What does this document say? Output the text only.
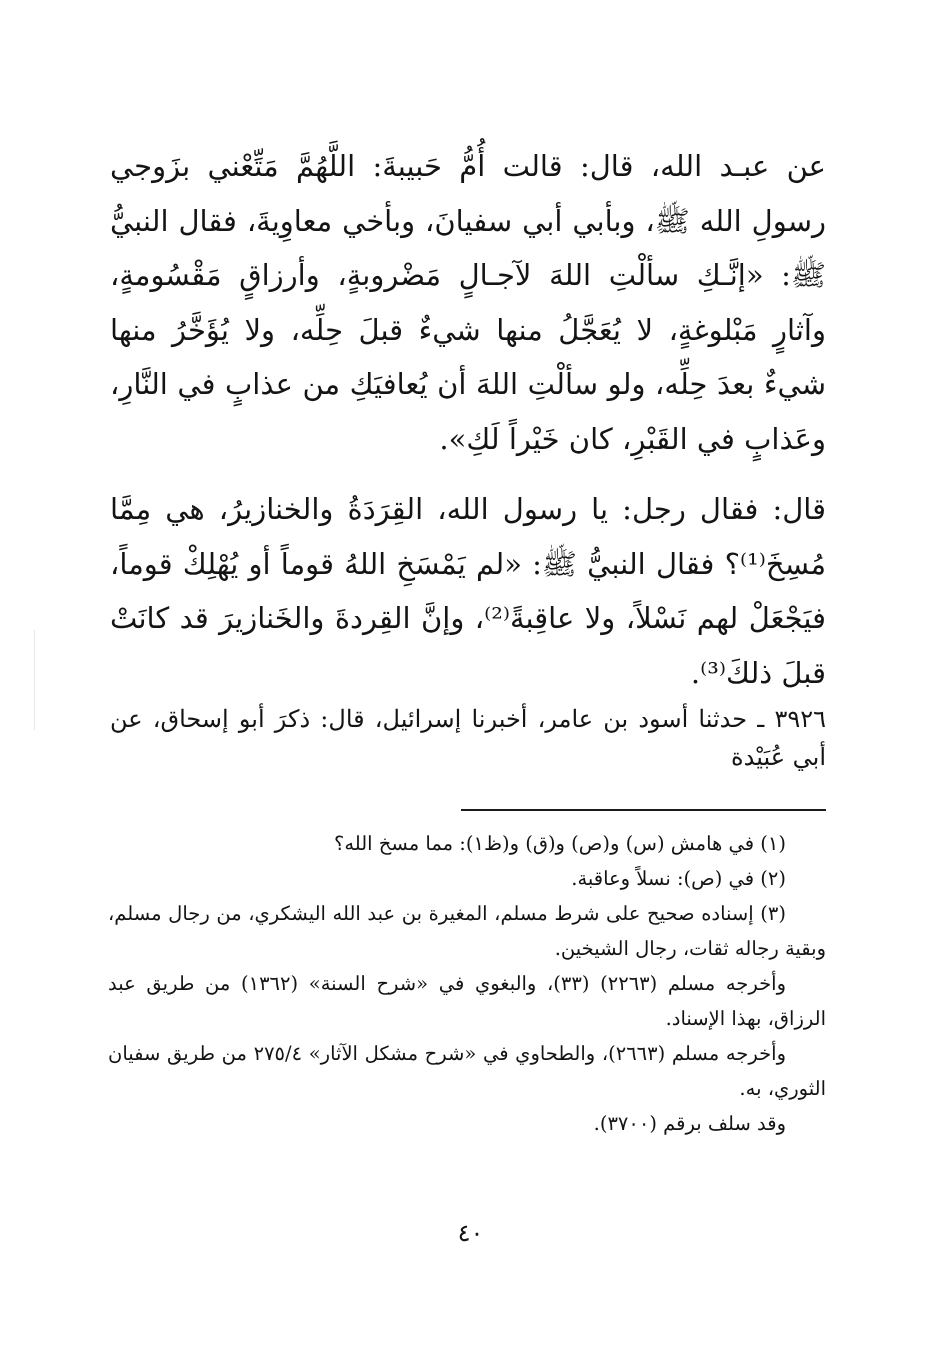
عن عبـد الله، قال: قالت أُمُّ حَبيبةَ: اللَّهُمَّ مَتِّعْني بزَوجي رسولِ الله ﷺ، وبأبي أبي سفيانَ، وبأخي معاوِيةَ، فقال النبيُّ ﷺ: «إنَّـكِ سألْتِ اللهَ لآجـالٍ مَضْروبةٍ، وأرزاقٍ مَقْسُومةٍ، وآثارٍ مَبْلوغةٍ، لا يُعَجَّلُ منها شيءٌ قبلَ حِلِّه، ولا يُؤَخَّرُ منها شيءٌ بعدَ حِلِّه، ولو سألْتِ اللهَ أن يُعافيَكِ من عذابٍ في النَّارِ، وعَذابٍ في القَبْرِ، كان خَيْراً لَكِ».

قال: فقال رجل: يا رسول الله، القِرَدَةُ والخنازيرُ، هي مِمَّا مُسِخَ⁽¹⁾؟ فقال النبيُّ ﷺ: «لم يَمْسَخِ اللهُ قوماً أو يُهْلِكْ قوماً، فيَجْعَلْ لهم نَسْلاً، ولا عاقِبةً⁽²⁾، وإنَّ القِردةَ والخَنازيرَ قد كانَتْ قبلَ ذلكَ⁽³⁾.

٣٩٢٦ ـ حدثنا أسود بن عامر، أخبرنا إسرائيل، قال: ذكرَ أبو إسحاق، عن أبي عُبَيْدة

(١) في هامش (س) و(ص) و(ق) و(ظ١): مما مسخ الله؟

(٢) في (ص): نسلاً وعاقبة.

(٣) إسناده صحيح على شرط مسلم، المغيرة بن عبد الله اليشكري، من رجال مسلم، وبقية رجاله ثقات، رجال الشيخين.

وأخرجه مسلم (٢٢٦٣) (٣٣)، والبغوي في «شرح السنة» (١٣٦٢) من طريق عبد الرزاق، بهذا الإسناد.

وأخرجه مسلم (٢٦٦٣)، والطحاوي في «شرح مشكل الآثار» ٢٧٥/٤ من طريق سفيان الثوري، به.

وقد سلف برقم (٣٧٠٠).

٤٠
